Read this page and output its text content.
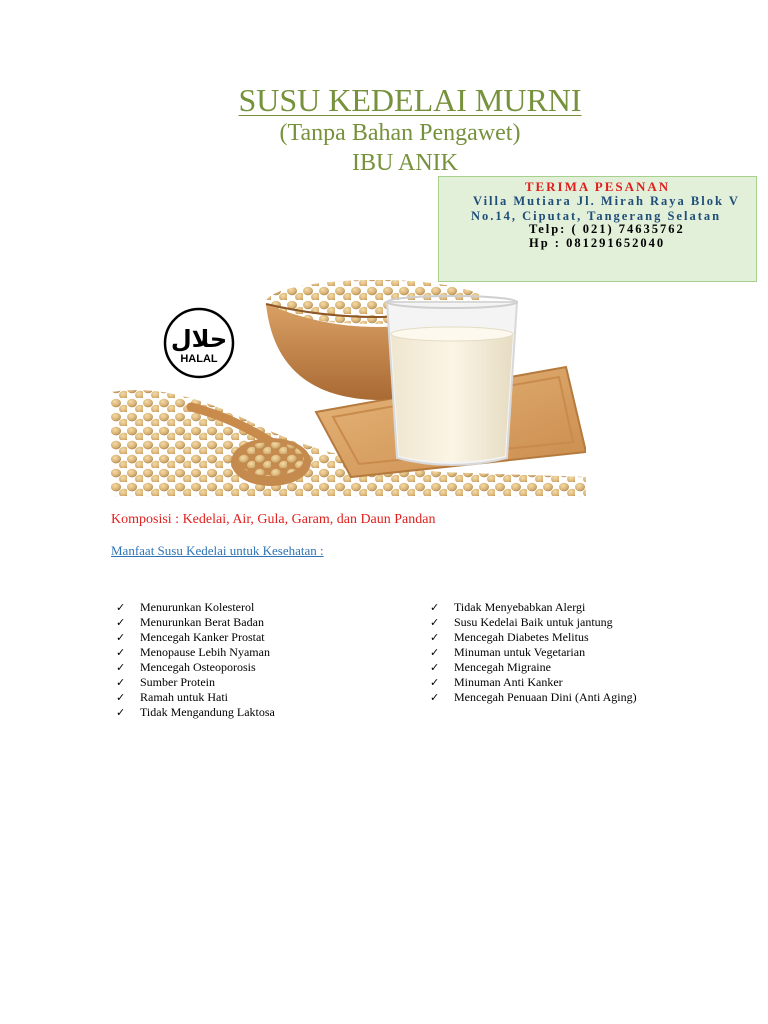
SUSU KEDELAI MURNI
(Tanpa Bahan Pengawet)
IBU ANIK
TERIMA PESANAN
Villa Mutiara Jl. Mirah Raya Blok V
No.14, Ciputat, Tangerang Selatan
Telp: ( 021) 74635762
Hp : 081291652040
حلال
HALAL
Komposisi : Kedelai, Air, Gula, Garam, dan Daun Pandan
Manfaat Susu Kedelai untuk Kesehatan :
✓ Menurunkan Kolesterol
✓ Menurunkan Berat Badan
✓ Mencegah Kanker Prostat
✓ Menopause Lebih Nyaman
✓ Mencegah Osteoporosis
✓ Sumber Protein
✓ Ramah untuk Hati
✓ Tidak Mengandung Laktosa
✓ Tidak Menyebabkan Alergi
✓ Susu Kedelai Baik untuk jantung
✓ Mencegah Diabetes Melitus
✓ Minuman untuk Vegetarian
✓ Mencegah Migraine
✓ Minuman Anti Kanker
✓ Mencegah Penuaan Dini (Anti Aging)
